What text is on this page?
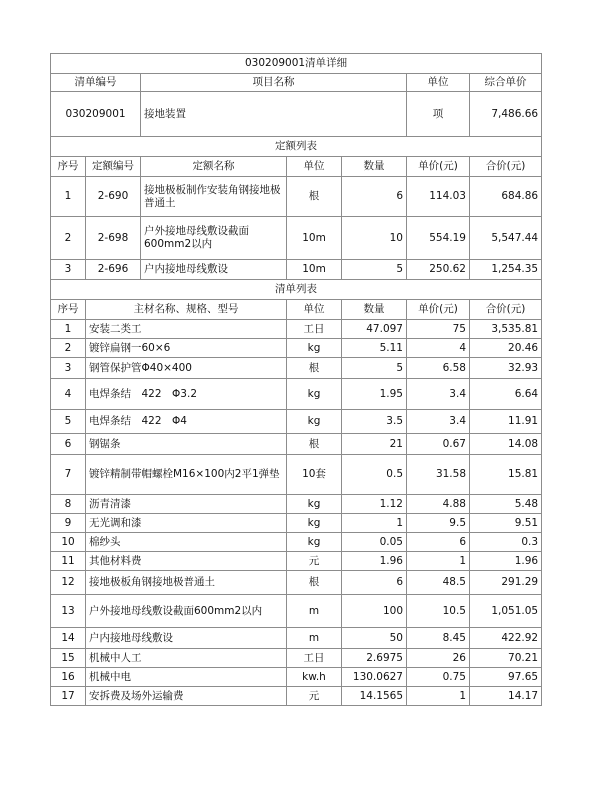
030209001清单详细						
清单编号		项目名称			单位	综合单价
030209001		接地装置			项	7,486.66
定额列表						
序号	定额编号	定额名称	单位	数量	单价(元)	合价(元)
1	2-690	接地极板制作安装角钢接地极普通土	根	6	114.03	684.86
2	2-698	户外接地母线敷设截面600mm2以内	10m	10	554.19	5,547.44
3	2-696	户内接地母线敷设	10m	5	250.62	1,254.35
清单列表						
序号	主材名称、规格、型号		单位	数量	单价(元)	合价(元)
1	安装二类工		工日	47.097	75	3,535.81
2	镀锌扁钢一60×6		kg	5.11	4	20.46
3	钢管保护管Φ40×400		根	5	6.58	32.93
4	电焊条结　422　Φ3.2		kg	1.95	3.4	6.64
5	电焊条结　422　Φ4		kg	3.5	3.4	11.91
6	钢锯条		根	21	0.67	14.08
7	镀锌精制带帽螺栓M16×100内2平1弹垫		10套	0.5	31.58	15.81
8	沥青清漆		kg	1.12	4.88	5.48
9	无光调和漆		kg	1	9.5	9.51
10	棉纱头		kg	0.05	6	0.3
11	其他材料费		元	1.96	1	1.96
12	接地极板角钢接地极普通土		根	6	48.5	291.29
13	户外接地母线敷设截面600mm2以内		m	100	10.5	1,051.05
14	户内接地母线敷设		m	50	8.45	422.92
15	机械中人工		工日	2.6975	26	70.21
16	机械中电		kw.h	130.0627	0.75	97.65
17	安拆费及场外运输费		元	14.1565	1	14.17
